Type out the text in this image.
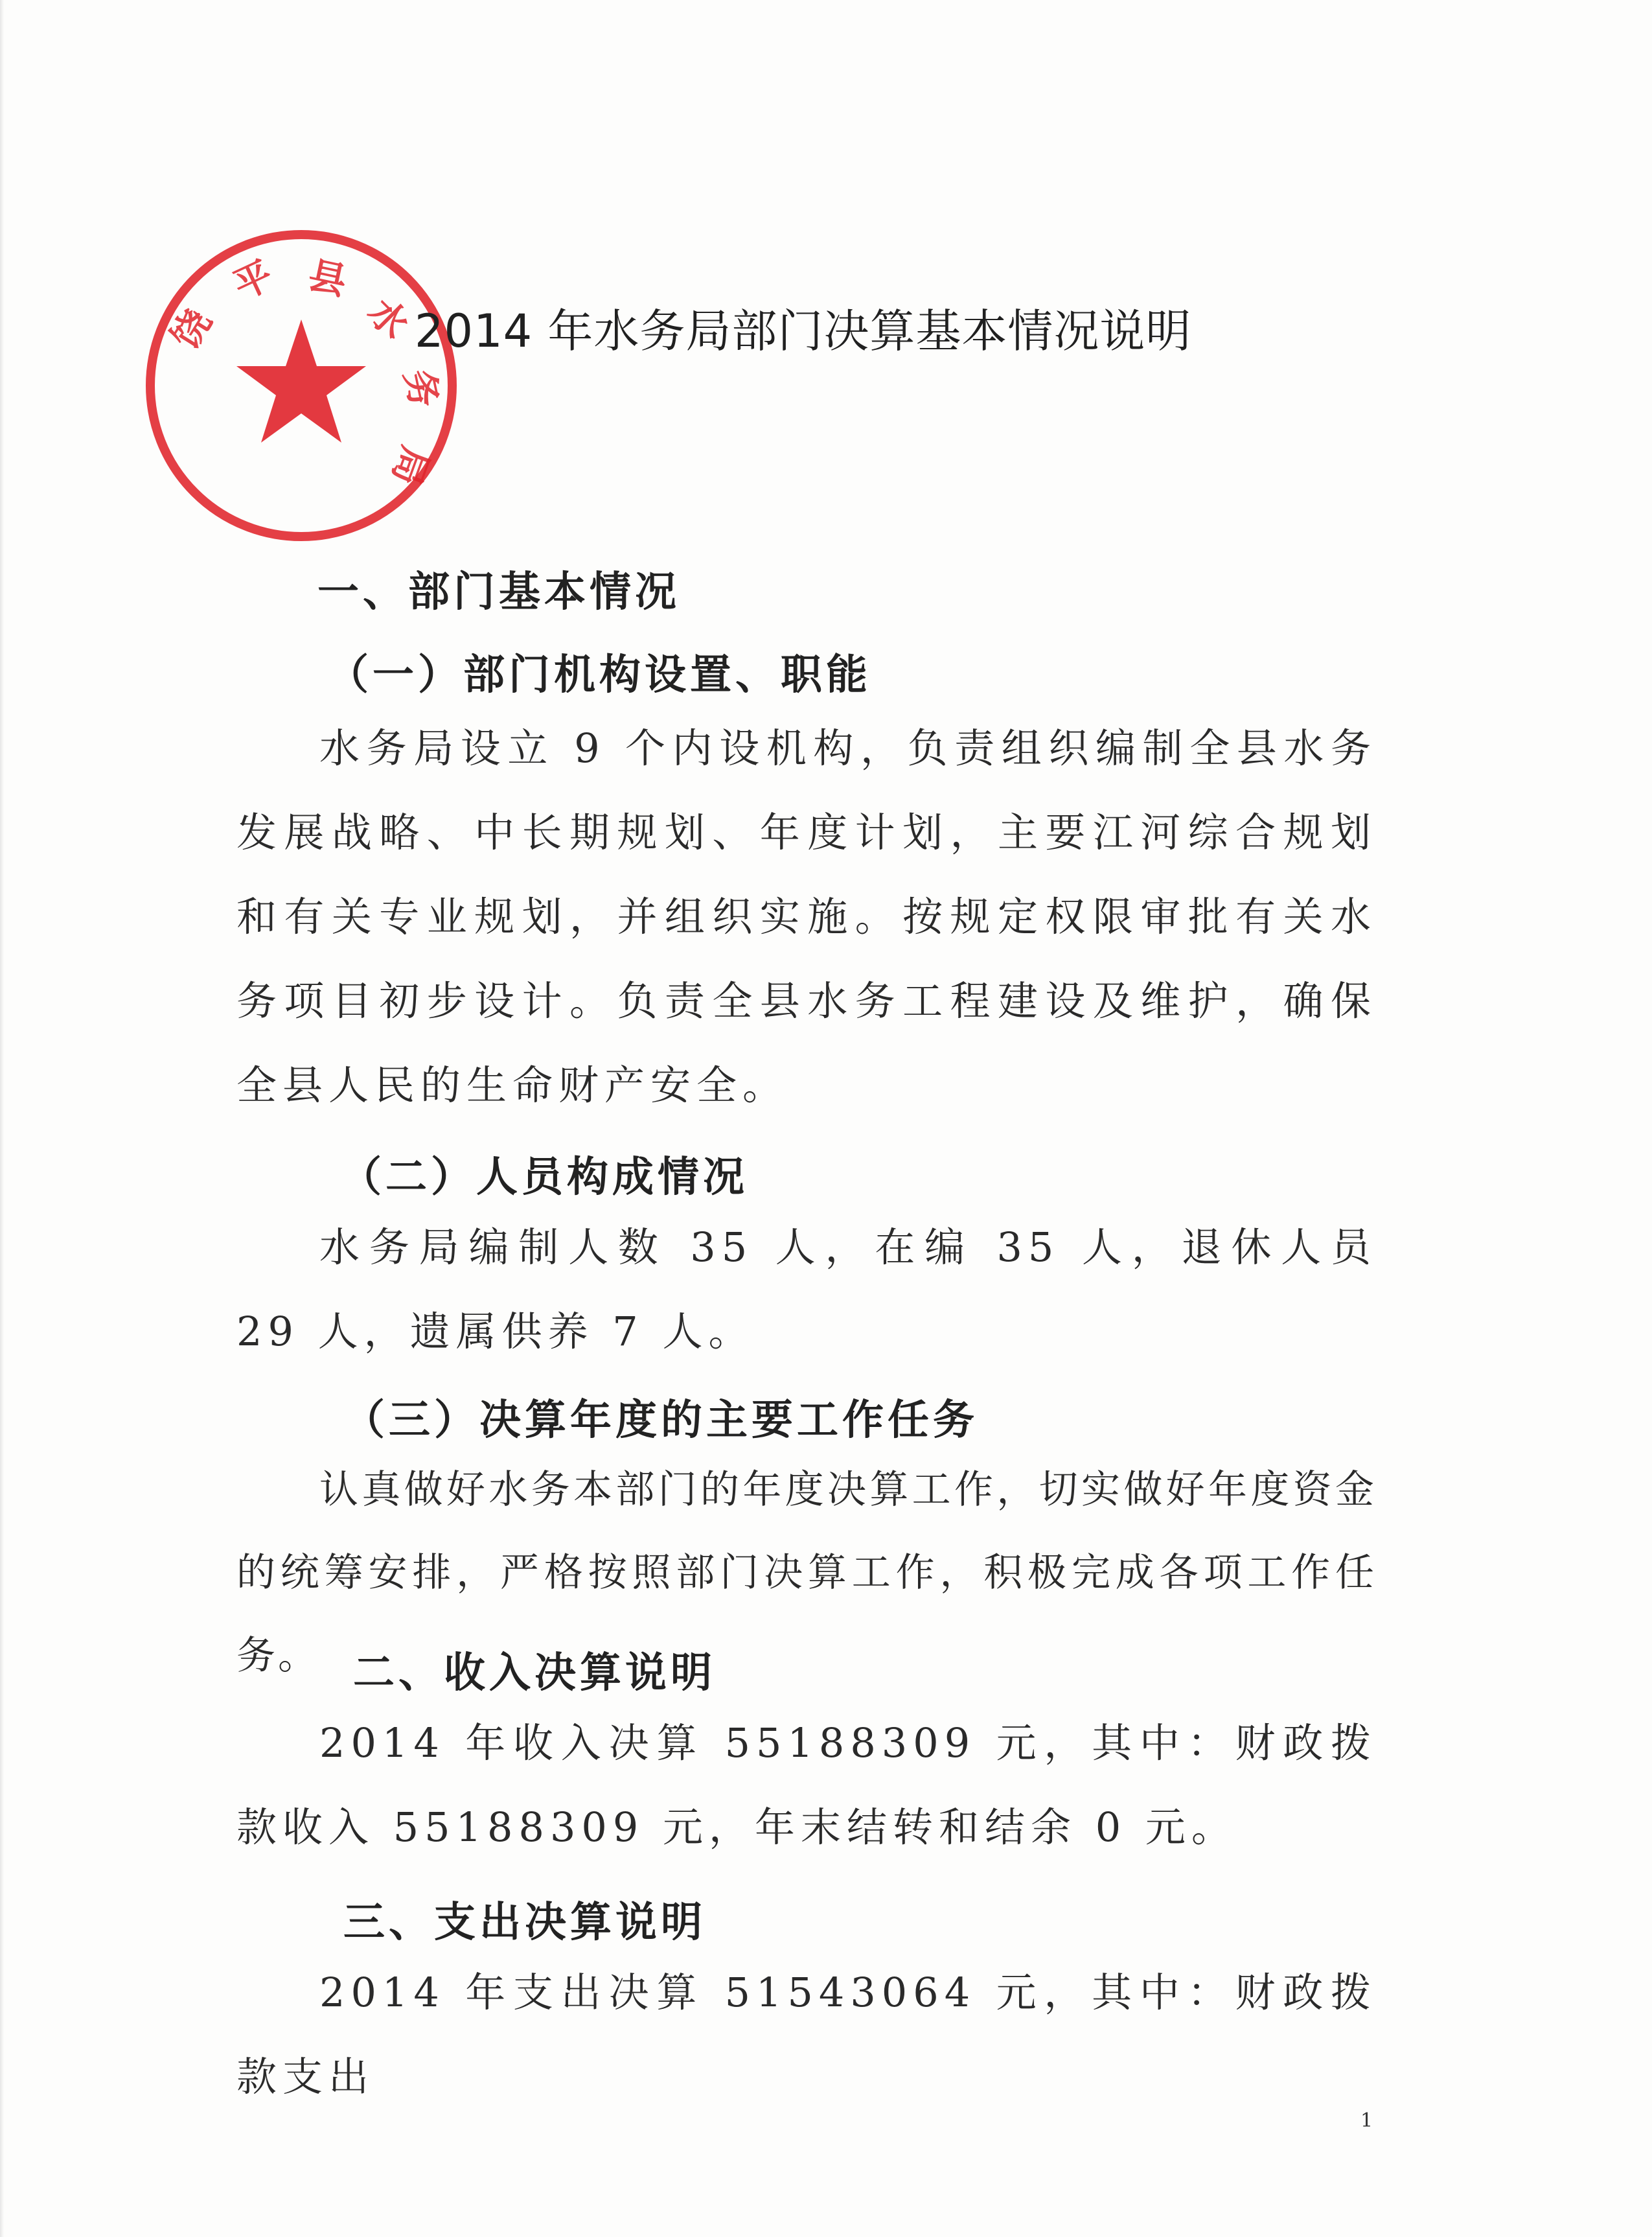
饶
平 县
水
务
局
2014 年水务局部门决算基本情况说明
一、部门基本情况
（一）部门机构设置、职能
水务局设立 9 个内设机构，负责组织编制全县水务发展战略、中长期规划、年度计划，主要江河综合规划和有关专业规划，并组织实施。按规定权限审批有关水务项目初步设计。负责全县水务工程建设及维护，确保全县人民的生命财产安全。
（二）人员构成情况
水务局编制人数 35 人，在编 35 人，退休人员 29 人，遗属供养 7 人。
（三）决算年度的主要工作任务
认真做好水务本部门的年度决算工作，切实做好年度资金的统筹安排，严格按照部门决算工作，积极完成各项工作任务。 二、收入决算说明
2014 年收入决算 55188309 元，其中：财政拨款收入 55188309 元，年末结转和结余 0 元。
三、支出决算说明
2014 年支出决算 51543064 元，其中：财政拨款支出
1
